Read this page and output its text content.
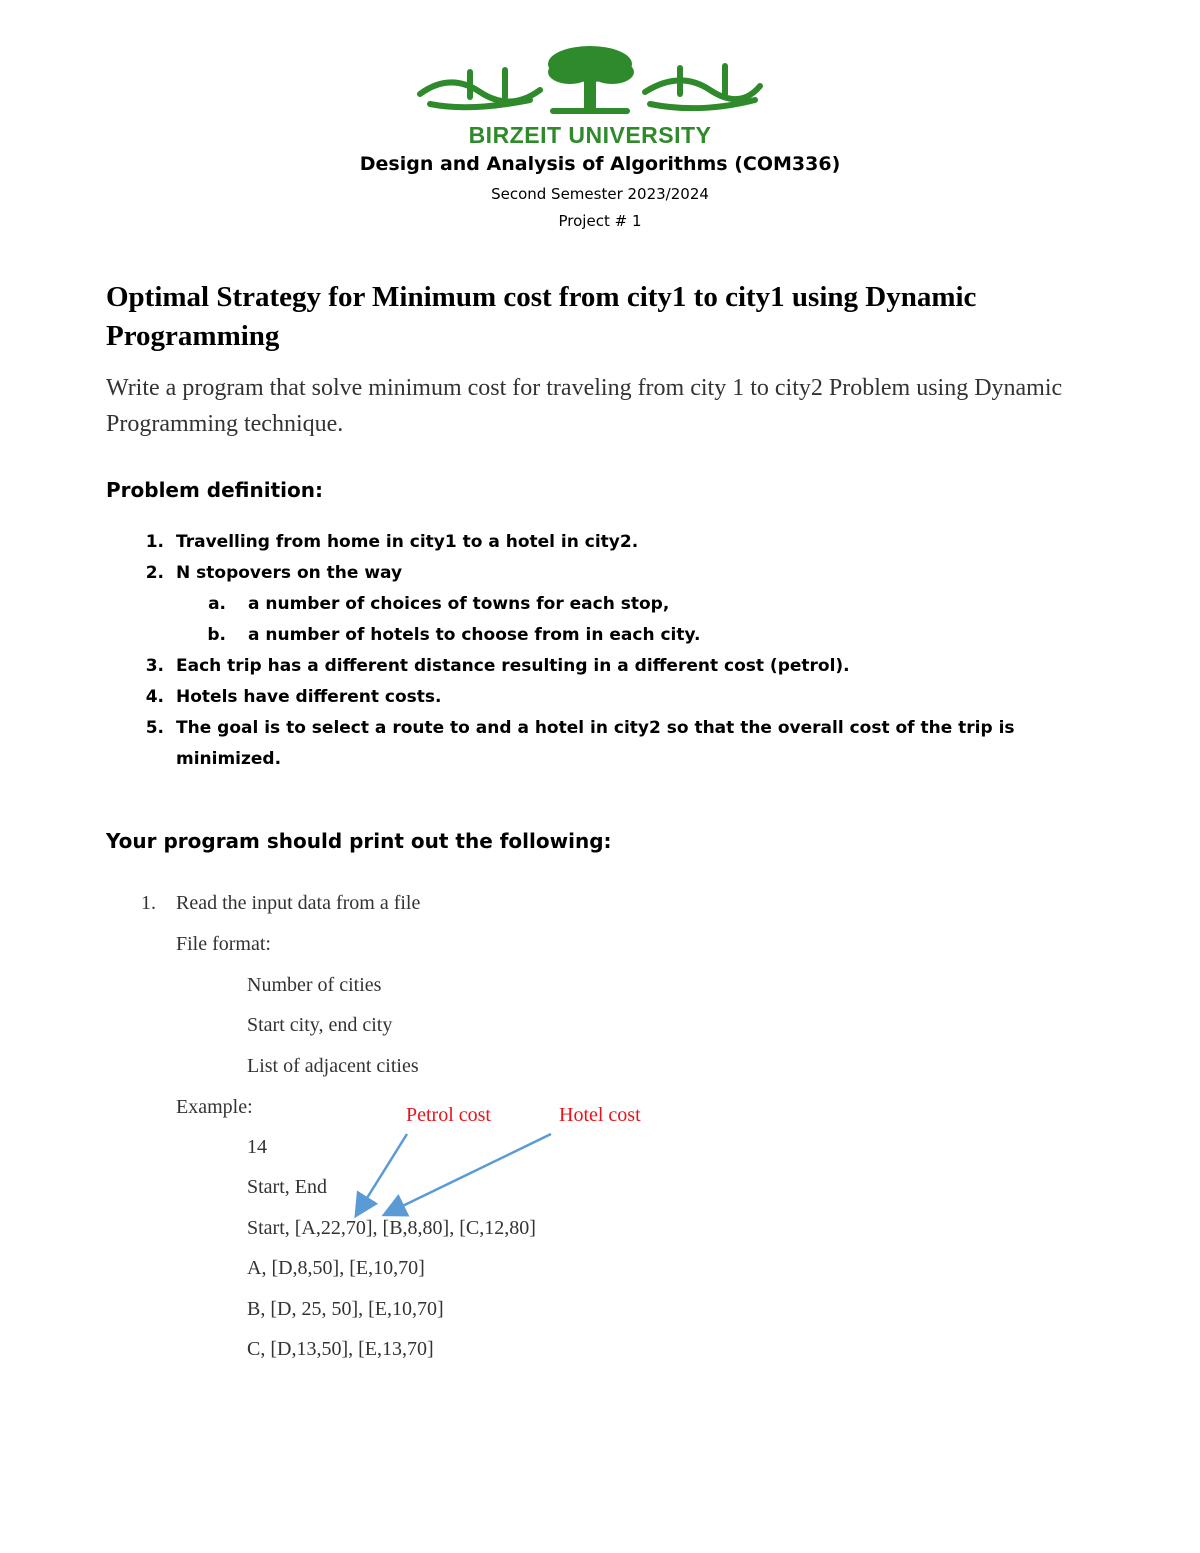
BIRZEIT UNIVERSITY
Design and Analysis of Algorithms (COM336)
Second Semester 2023/2024
Project # 1
Optimal Strategy for Minimum cost from city1 to city1 using Dynamic Programming
Write a program that solve minimum cost for traveling from city 1 to city2 Problem using Dynamic Programming technique.
Problem definition:
1. Travelling from home in city1 to a hotel in city2.
2. N stopovers on the way
a. a number of choices of towns for each stop,
b. a number of hotels to choose from in each city.
3. Each trip has a different distance resulting in a different cost (petrol).
4. Hotels have different costs.
5. The goal is to select a route to and a hotel in city2 so that the overall cost of the trip is
minimized.
Your program should print out the following:
1. Read the input data from a file
File format:
Number of cities
Start city, end city
List of adjacent cities
Example:	Petrol cost	Hotel cost
14
Start, End
Start, [A,22,70], [B,8,80], [C,12,80]
A, [D,8,50], [E,10,70]
B, [D, 25, 50], [E,10,70]
C, [D,13,50], [E,13,70]
